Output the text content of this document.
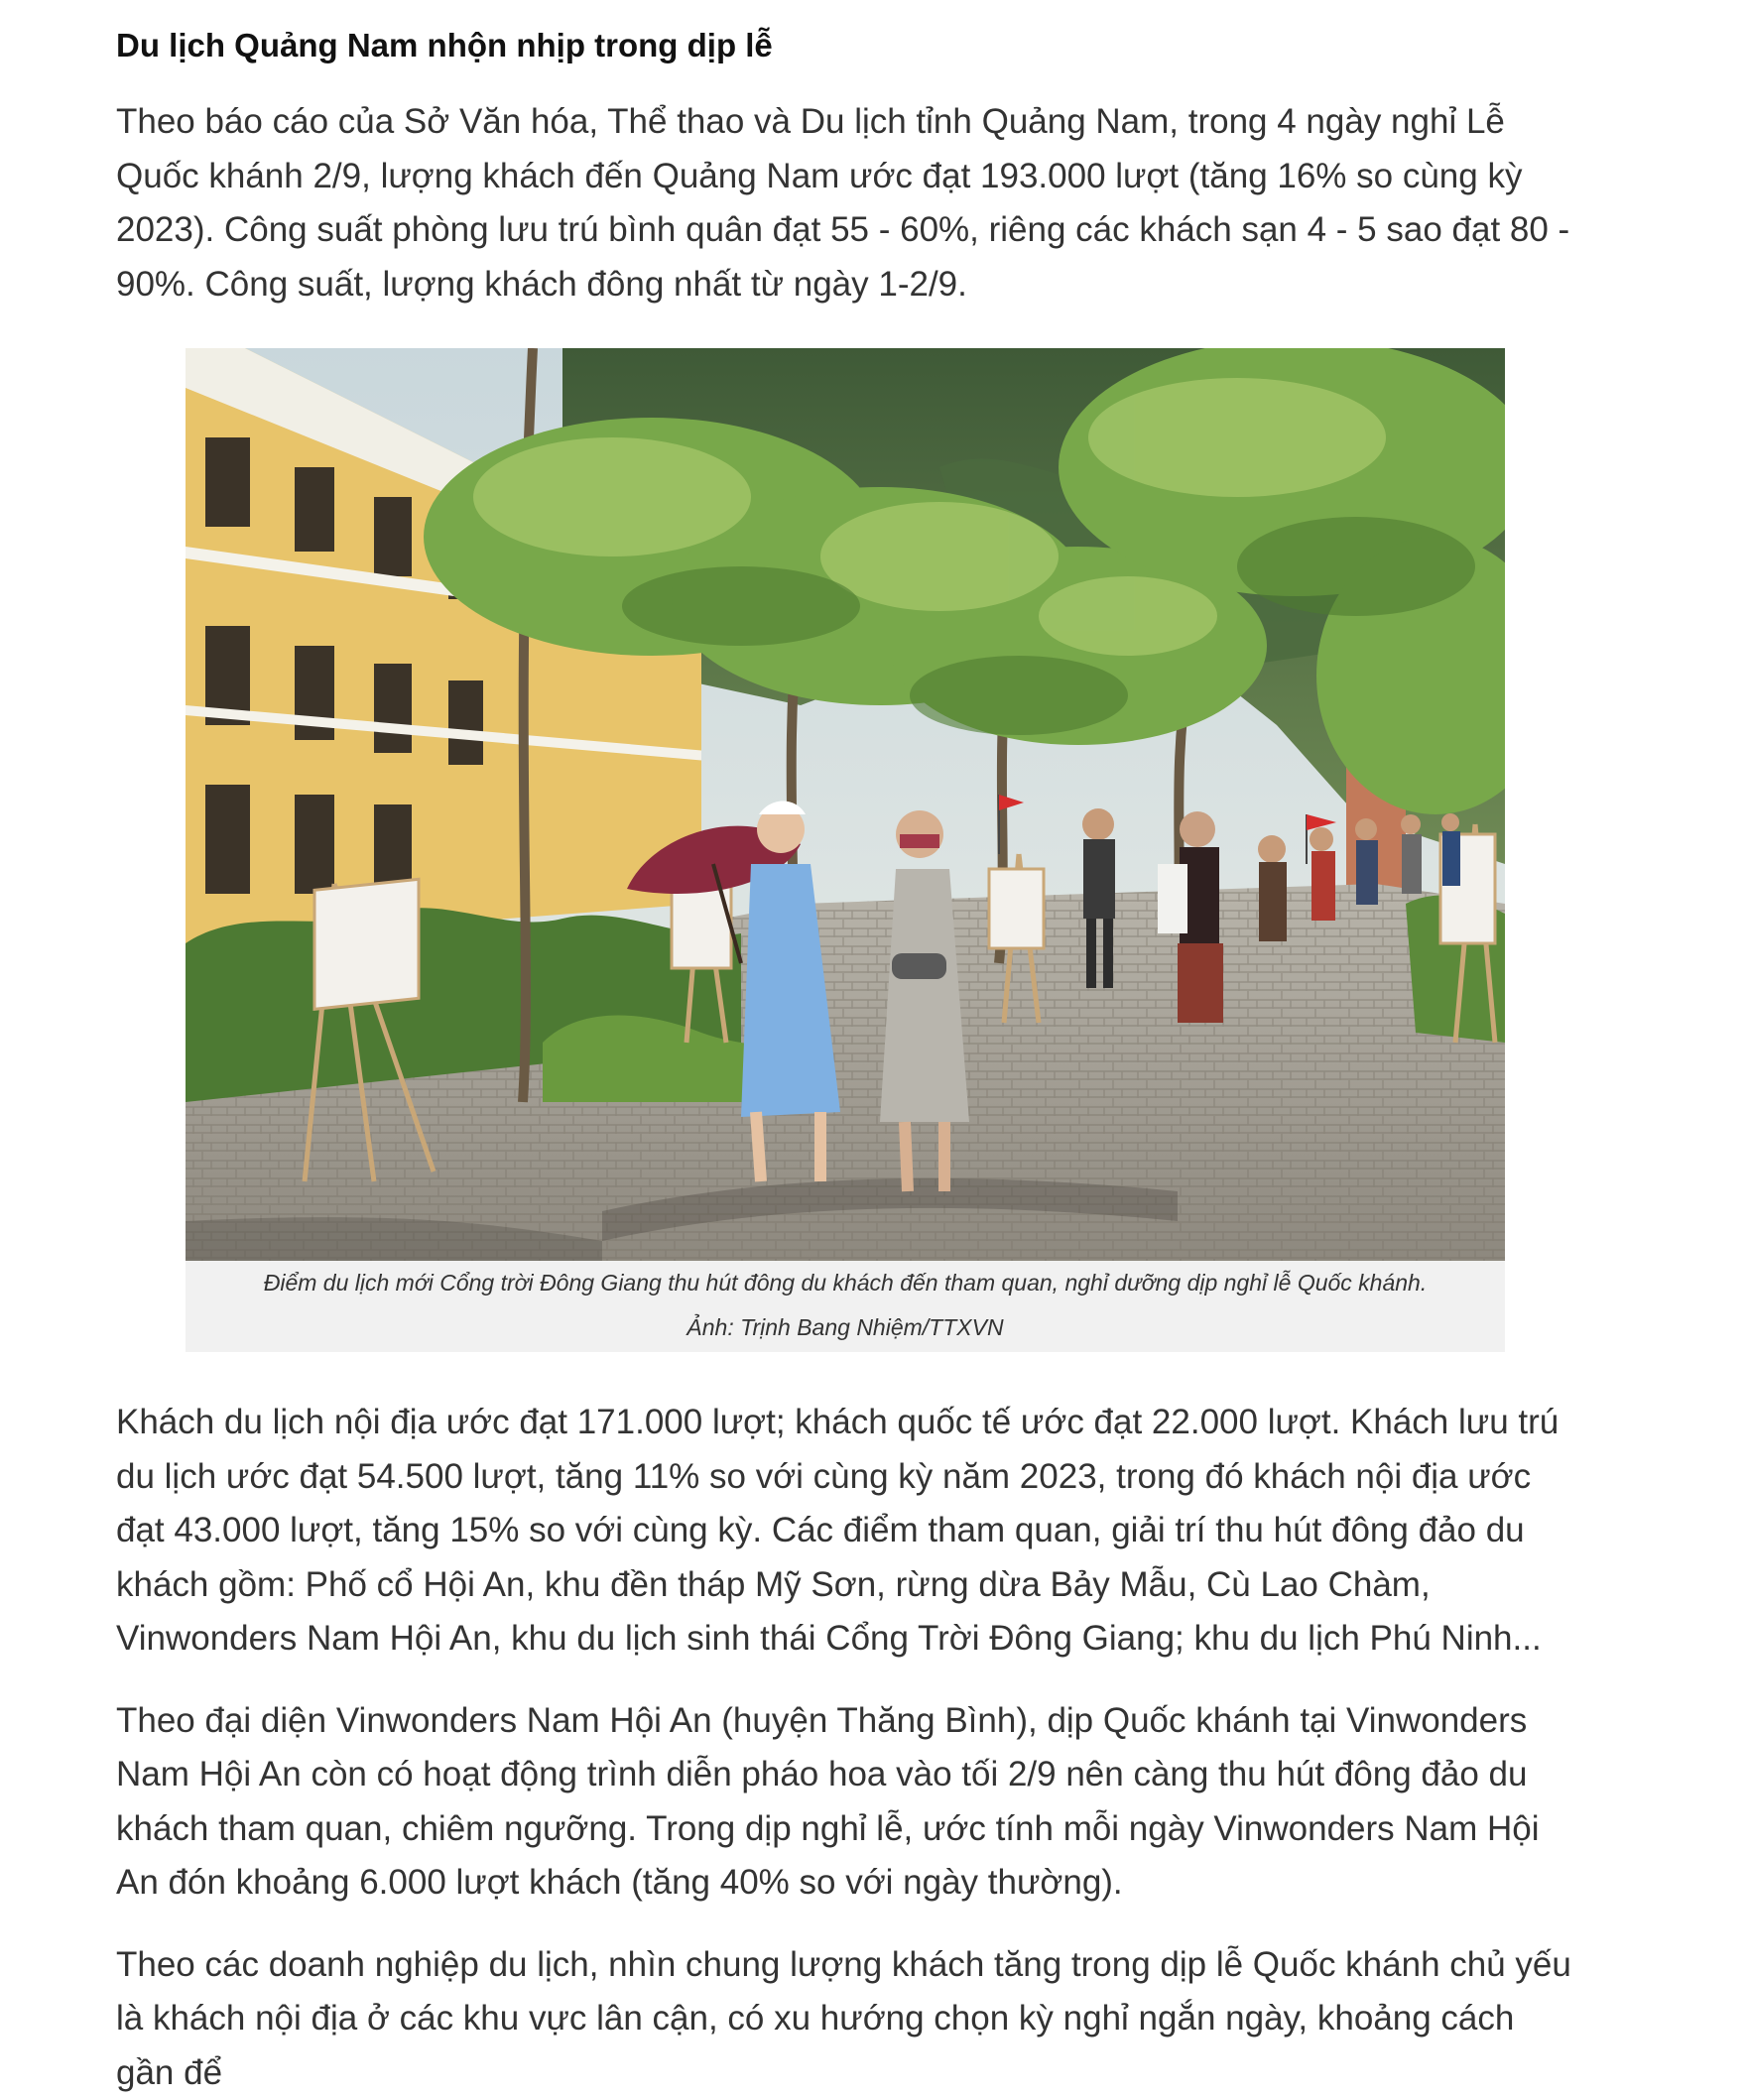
Du lịch Quảng Nam nhộn nhịp trong dịp lễ

Theo báo cáo của Sở Văn hóa, Thể thao và Du lịch tỉnh Quảng Nam, trong 4 ngày nghỉ Lễ Quốc khánh 2/9, lượng khách đến Quảng Nam ước đạt 193.000 lượt (tăng 16% so cùng kỳ 2023). Công suất phòng lưu trú bình quân đạt 55 - 60%, riêng các khách sạn 4 - 5 sao đạt 80 - 90%. Công suất, lượng khách đông nhất từ ngày 1-2/9.

Điểm du lịch mới Cổng trời Đông Giang thu hút đông du khách đến tham quan, nghỉ dưỡng dịp nghỉ lễ Quốc khánh.
Ảnh: Trịnh Bang Nhiệm/TTXVN

Khách du lịch nội địa ước đạt 171.000 lượt; khách quốc tế ước đạt 22.000 lượt. Khách lưu trú du lịch ước đạt 54.500 lượt, tăng 11% so với cùng kỳ năm 2023, trong đó khách nội địa ước đạt 43.000 lượt, tăng 15% so với cùng kỳ. Các điểm tham quan, giải trí thu hút đông đảo du khách gồm: Phố cổ Hội An, khu đền tháp Mỹ Sơn, rừng dừa Bảy Mẫu, Cù Lao Chàm, Vinwonders Nam Hội An, khu du lịch sinh thái Cổng Trời Đông Giang; khu du lịch Phú Ninh...

Theo đại diện Vinwonders Nam Hội An (huyện Thăng Bình), dịp Quốc khánh tại Vinwonders Nam Hội An còn có hoạt động trình diễn pháo hoa vào tối 2/9 nên càng thu hút đông đảo du khách tham quan, chiêm ngưỡng. Trong dịp nghỉ lễ, ước tính mỗi ngày Vinwonders Nam Hội An đón khoảng 6.000 lượt khách (tăng 40% so với ngày thường).

Theo các doanh nghiệp du lịch, nhìn chung lượng khách tăng trong dịp lễ Quốc khánh chủ yếu là khách nội địa ở các khu vực lân cận, có xu hướng chọn kỳ nghỉ ngắn ngày, khoảng cách gần để
